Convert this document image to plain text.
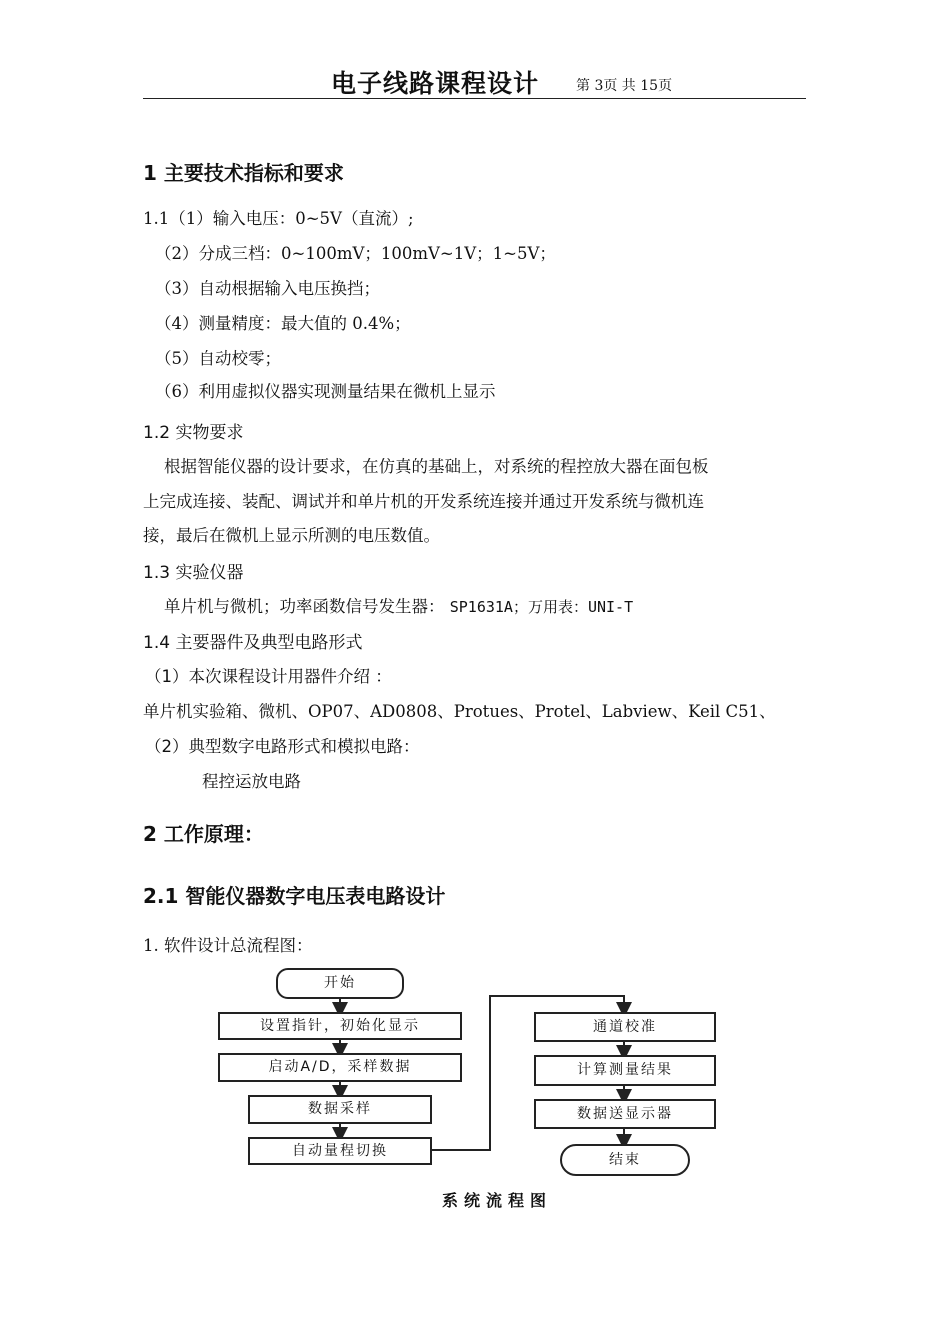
电子线路课程设计	第 3页 共 15页
1 主要技术指标和要求
1.1（1）输入电压：0~5V（直流）;
（2）分成三档：0~100mV；100mV~1V；1~5V；
（3）自动根据输入电压换挡；
（4）测量精度：最大值的 0.4%；
（5）自动校零；
（6）利用虚拟仪器实现测量结果在微机上显示
1.2 实物要求
根据智能仪器的设计要求，在仿真的基础上，对系统的程控放大器在面包板
上完成连接、装配、调试并和单片机的开发系统连接并通过开发系统与微机连
接，最后在微机上显示所测的电压数值。
1.3 实验仪器
单片机与微机；功率函数信号发生器： SP1631A；万用表：UNI-T
1.4 主要器件及典型电路形式
（1）本次课程设计用器件介绍 ：
单片机实验箱、微机、OP07、AD0808、Protues、Protel、Labview、Keil C51、
（2）典型数字电路形式和模拟电路：
程控运放电路
2 工作原理：
2.1 智能仪器数字电压表电路设计
1. 软件设计总流程图：
开始
设置指针，初始化显示
启动A/D，采样数据
数据采样
自动量程切换
通道校准
计算测量结果
数据送显示器
结束
系统流程图
